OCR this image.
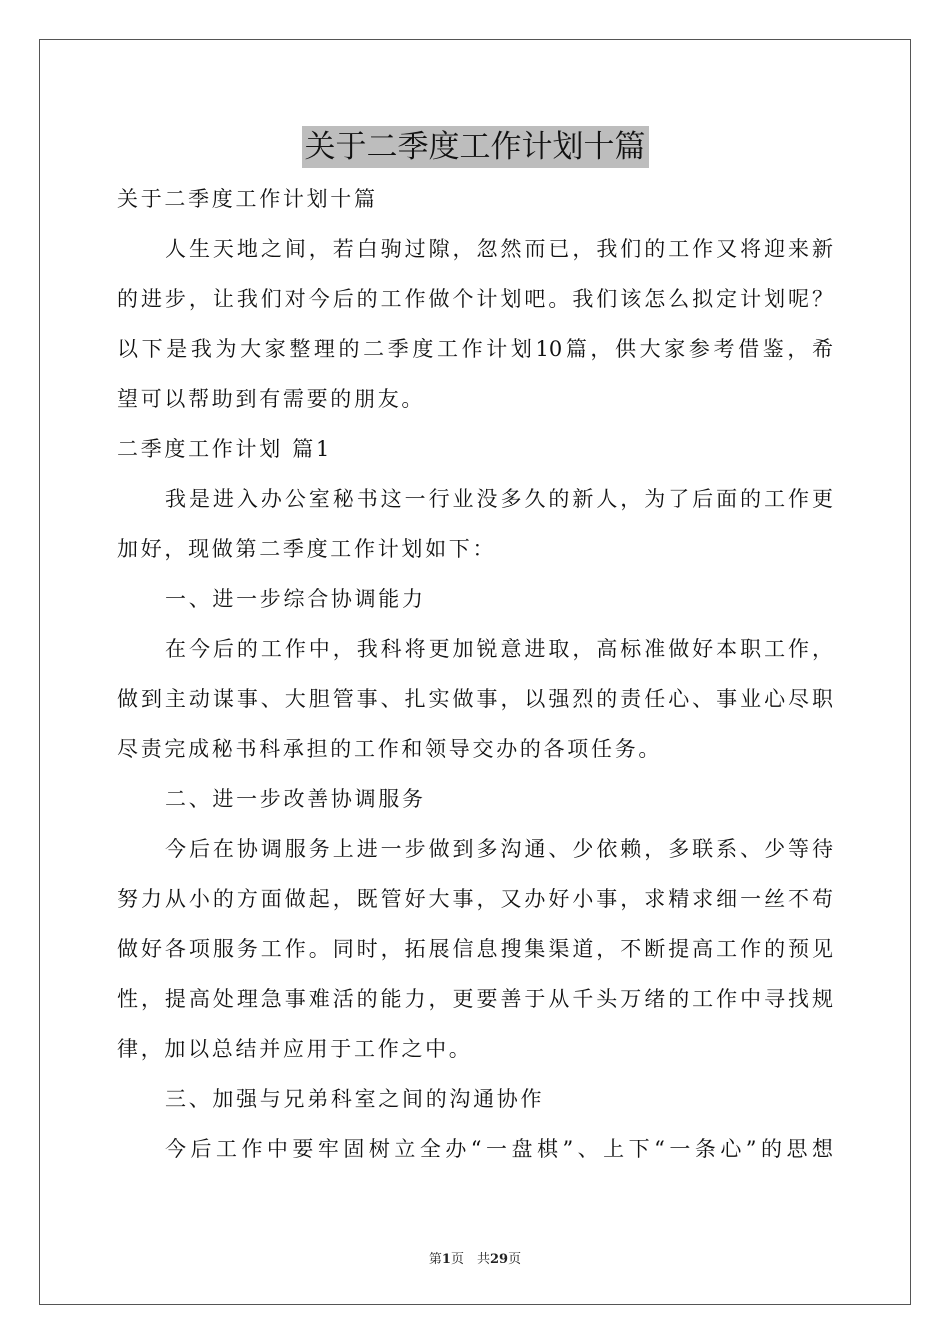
关于二季度工作计划十篇
关于二季度工作计划十篇
人生天地之间，若白驹过隙，忽然而已，我们的工作又将迎来新
的进步，让我们对今后的工作做个计划吧。我们该怎么拟定计划呢？
以下是我为大家整理的二季度工作计划10篇，供大家参考借鉴，希
望可以帮助到有需要的朋友。
二季度工作计划 篇1
我是进入办公室秘书这一行业没多久的新人，为了后面的工作更
加好，现做第二季度工作计划如下：
一、进一步综合协调能力
在今后的工作中，我科将更加锐意进取，高标准做好本职工作，
做到主动谋事、大胆管事、扎实做事，以强烈的责任心、事业心尽职
尽责完成秘书科承担的工作和领导交办的各项任务。
二、进一步改善协调服务
今后在协调服务上进一步做到多沟通、少依赖，多联系、少等待
努力从小的方面做起，既管好大事，又办好小事，求精求细一丝不苟
做好各项服务工作。同时，拓展信息搜集渠道，不断提高工作的预见
性，提高处理急事难活的能力，更要善于从千头万绪的工作中寻找规
律，加以总结并应用于工作之中。
三、加强与兄弟科室之间的沟通协作
今后工作中要牢固树立全办“一盘棋”、上下“一条心”的思想
第1页　共29页
